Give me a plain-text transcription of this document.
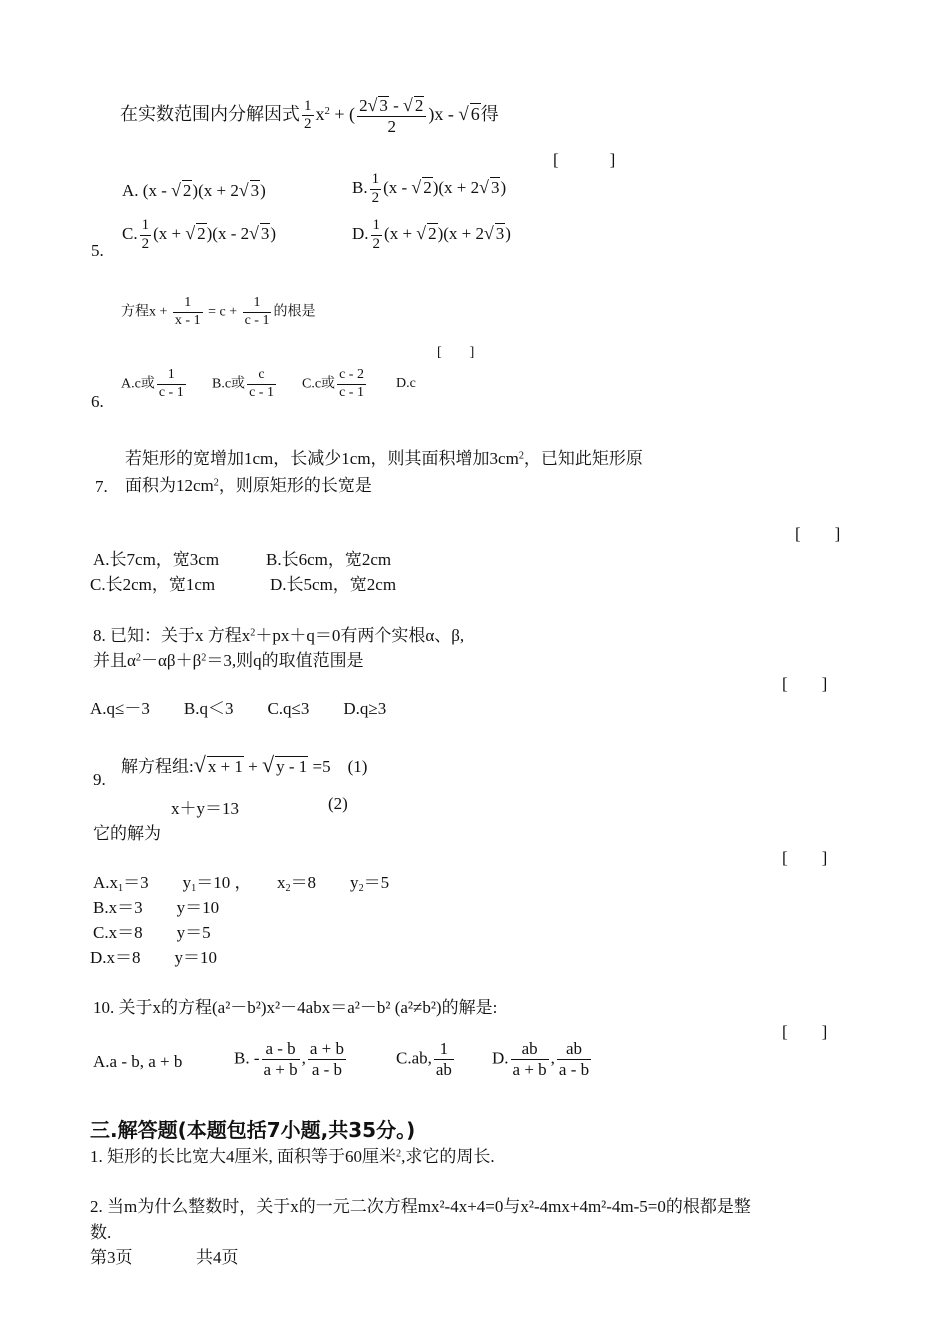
在实数范围内分解因式 $\frac{1}{2} x^2$ + ( $\frac{2√ 3 - √ 2}{2} )x$ - √ 6得
[　　　]
A. (x - √ 2)(x + 2√ 3)	B. $\frac{1}{2} (x$ - √ 2)(x + 2√ 3)
5.
C. $\frac{1}{2} (x$ + √ 2)(x - 2√ 3)	D. $\frac{1}{2} (x$ + √ 2)(x + 2√ 3)
方程$x + \frac{1}{x - 1} = c + \frac{1}{c - 1}$ 的根是
[　　]
A.c或 $\frac{1}{c - 1} B.c$或 $\frac{c}{c - 1} C.c$或 $\frac{c - 2}{c - 1} D.c$
6.
若矩形的宽增加1cm，长减少1cm，则其面积增加$3cm^2$，已知此矩形原
7. 面积为$12cm^2$，则原矩形的长宽是
[　　]
A.长7cm，宽3cm	B.长6cm，宽2cm
C.长2cm，宽1cm	D.长5cm，宽2cm
8. 已知：关于x 方程$x^2+px+q=0$有两个实根α、β,
并且$\alpha^2-\alpha\beta+\beta^2=3$,则q的取值范围是
[　　]
A.q≤－3　　B.q＜3　　C.q≤3　　D.q≥3
解方程组:√ x + 1 + √ y - 1 =5　(1)
9.
x＋y＝13	(2)
它的解为
[　　]
$A.x_1=3$　　$y_1=10$ ，　　$x_2=8$　　$y_2=5$
B.x＝3　　y＝10
C.x＝8　　y＝5
D.x＝8　　y＝10
10. 关于x的方程(a²－b²)x²－4abx＝a²－b² (a²≠b²)的解是:
[　　]
A.a - b, a + b	B. - $\frac{a - b}{a + b}$ , $\frac{a + b}{a - b}$	C.ab, $\frac{1}{ab} D$. $\frac{ab}{a + b}$ , $\frac{ab}{a - b}$
三.解答题(本题包括7小题,共35分。)
1. 矩形的长比宽大4厘米, 面积等于60厘米$^2$,求它的周长.
2. 当m为什么整数时，关于x的一元二次方程mx²-4x+4=0与x²-4mx+4m²-4m-5=0的根都是整
数.
第3页	共4页
